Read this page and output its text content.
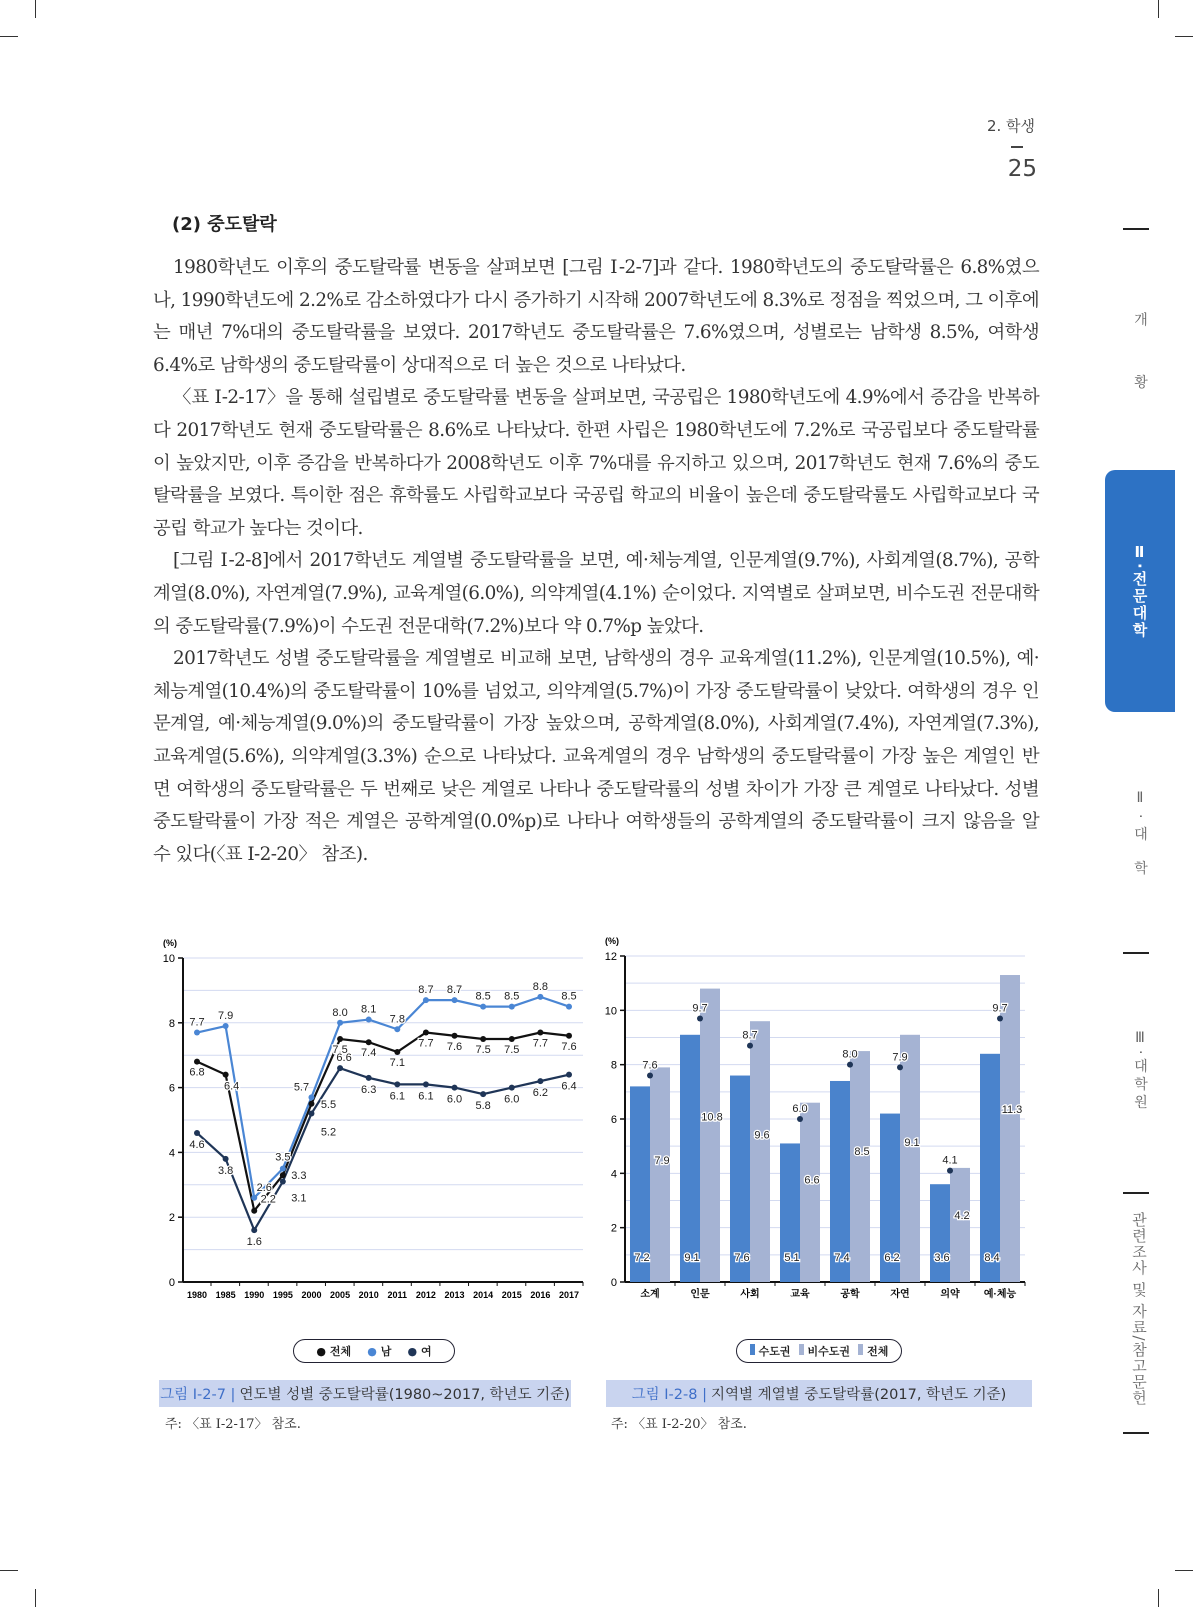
2. 학생
25
(2) 중도탈락

1980학년도 이후의 중도탈락률 변동을 살펴보면 [그림 Ⅰ-2-7]과 같다. 1980학년도의 중도탈락률은 6.8%였으나, 1990학년도에 2.2%로 감소하였다가 다시 증가하기 시작해 2007학년도에 8.3%로 정점을 찍었으며, 그 이후에는 매년 7%대의 중도탈락률을 보였다. 2017학년도 중도탈락률은 7.6%였으며, 성별로는 남학생 8.5%, 여학생 6.4%로 남학생의 중도탈락률이 상대적으로 더 높은 것으로 나타났다.

〈표 Ⅰ-2-17〉을 통해 설립별로 중도탈락률 변동을 살펴보면, 국공립은 1980학년도에 4.9%에서 증감을 반복하다 2017학년도 현재 중도탈락률은 8.6%로 나타났다. 한편 사립은 1980학년도에 7.2%로 국공립보다 중도탈락률이 높았지만, 이후 증감을 반복하다가 2008학년도 이후 7%대를 유지하고 있으며, 2017학년도 현재 7.6%의 중도탈락률을 보였다. 특이한 점은 휴학률도 사립학교보다 국공립 학교의 비율이 높은데 중도탈락률도 사립학교보다 국공립 학교가 높다는 것이다.

[그림 Ⅰ-2-8]에서 2017학년도 계열별 중도탈락률을 보면, 예·체능계열, 인문계열(9.7%), 사회계열(8.7%), 공학계열(8.0%), 자연계열(7.9%), 교육계열(6.0%), 의약계열(4.1%) 순이었다. 지역별로 살펴보면, 비수도권 전문대학의 중도탈락률(7.9%)이 수도권 전문대학(7.2%)보다 약 0.7%p 높았다.

2017학년도 성별 중도탈락률을 계열별로 비교해 보면, 남학생의 경우 교육계열(11.2%), 인문계열(10.5%), 예·체능계열(10.4%)의 중도탈락률이 10%를 넘었고, 의약계열(5.7%)이 가장 중도탈락률이 낮았다. 여학생의 경우 인문계열, 예·체능계열(9.0%)의 중도탈락률이 가장 높았으며, 공학계열(8.0%), 사회계열(7.4%), 자연계열(7.3%), 교육계열(5.6%), 의약계열(3.3%) 순으로 나타났다. 교육계열의 경우 남학생의 중도탈락률이 가장 높은 계열인 반면 여학생의 중도탈락률은 두 번째로 낮은 계열로 나타나 중도탈락률의 성별 차이가 가장 큰 계열로 나타났다. 성별 중도탈락률이 가장 적은 계열은 공학계열(0.0%p)로 나타나 여학생들의 공학계열의 중도탈락률이 크지 않음을 알 수 있다(〈표 Ⅰ-2-20〉 참조).

개 황
Ⅱ·전문대학
Ⅱ·대 학
Ⅲ·대학원
관련조사 및 자료/참고문헌
(%)
0
2
4
6
8
10
1980 1985 1990 1995 2000 2005 2010 2011 2012 2013 2014 2015 2016 2017
6.8
6.4
2.2
3.3
5.5
7.5 7.4
7.1
7.7 7.6 7.5 7.5
7.7 7.6
7.7
7.9
2.6
3.5
5.7
8.0 8.1
7.8
8.7 8.7
8.5 8.5
8.8
8.5
4.6
3.8
1.6
3.1
5.2
6.6
6.3
6.1 6.1 6.0
5.8
6.0
6.2
6.4
(%)
0
2
4
6
8
10
12
소계
7.2
7.9
7.6
인문
9.1
10.8
9.7
사회
7.6
9.6
8.7
교육
5.1
6.6
6.0
공학
7.4
8.5
8.0
자연
6.2
9.1
7.9
의약
3.6
4.2
4.1
예·체능
8.4
11.3
9.7
● 전체 ● 남 ● 여	수도권	비수도권	전체
그림 Ⅰ-2-7 | 연도별 성별 중도탈락률(1980~2017, 학년도 기준)	그림 Ⅰ-2-8 | 지역별 계열별 중도탈락률(2017, 학년도 기준)
주: 〈표 Ⅰ-2-17〉 참조.	주: 〈표 Ⅰ-2-20〉 참조.
